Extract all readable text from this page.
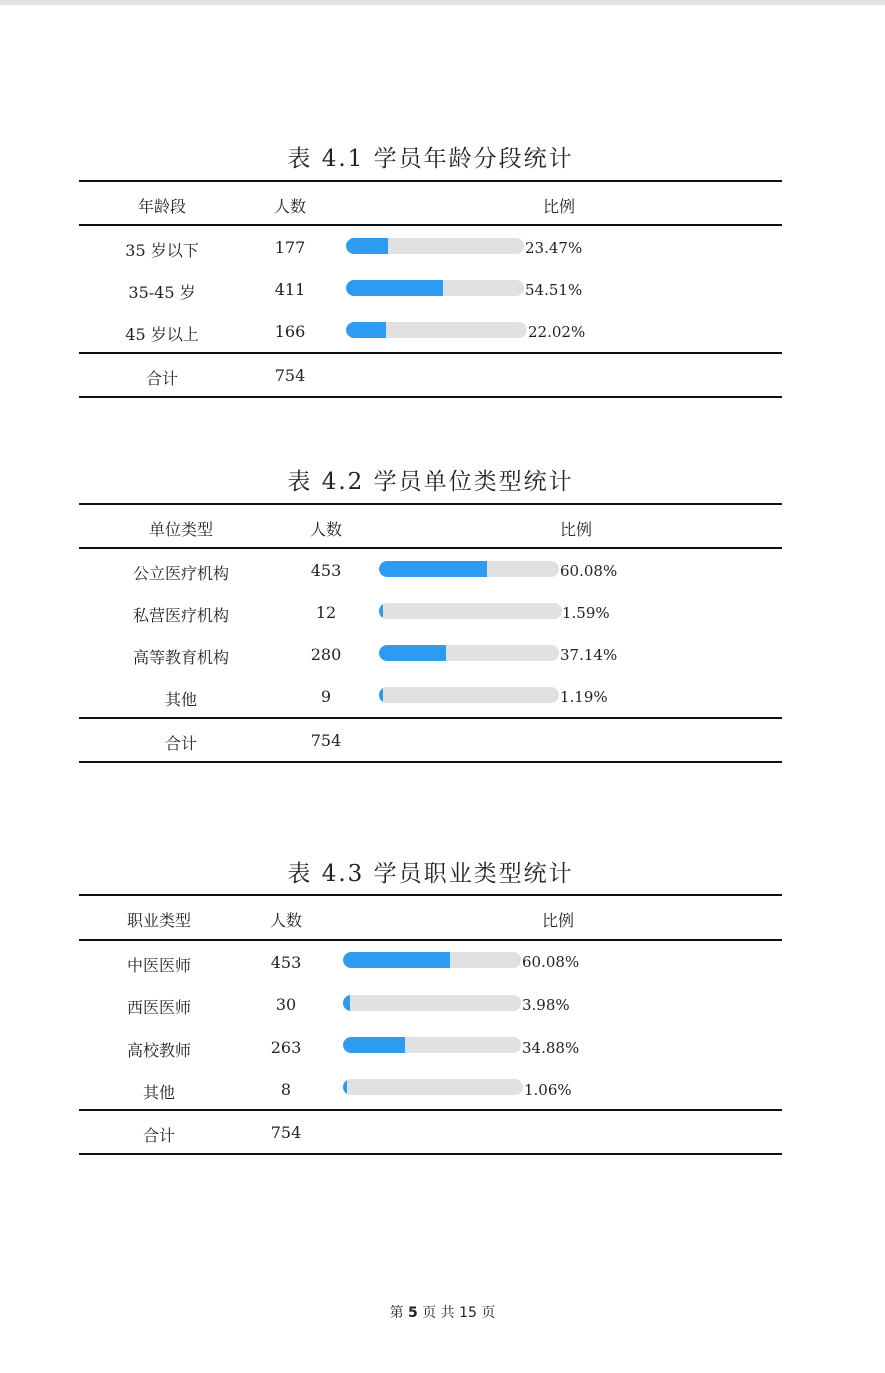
表 4.1 学员年龄分段统计
年龄段	人数	比例
35 岁以下	177	23.47%
35-45 岁	411	54.51%
45 岁以上	166	22.02%
合计	754
表 4.2 学员单位类型统计
单位类型	人数	比例
公立医疗机构	453	60.08%
私营医疗机构	12	1.59%
高等教育机构	280	37.14%
其他	9	1.19%
合计	754
表 4.3 学员职业类型统计
职业类型	人数	比例
中医医师	453	60.08%
西医医师	30	3.98%
高校教师	263	34.88%
其他	8	1.06%
合计	754
第 5 页 共 15 页
